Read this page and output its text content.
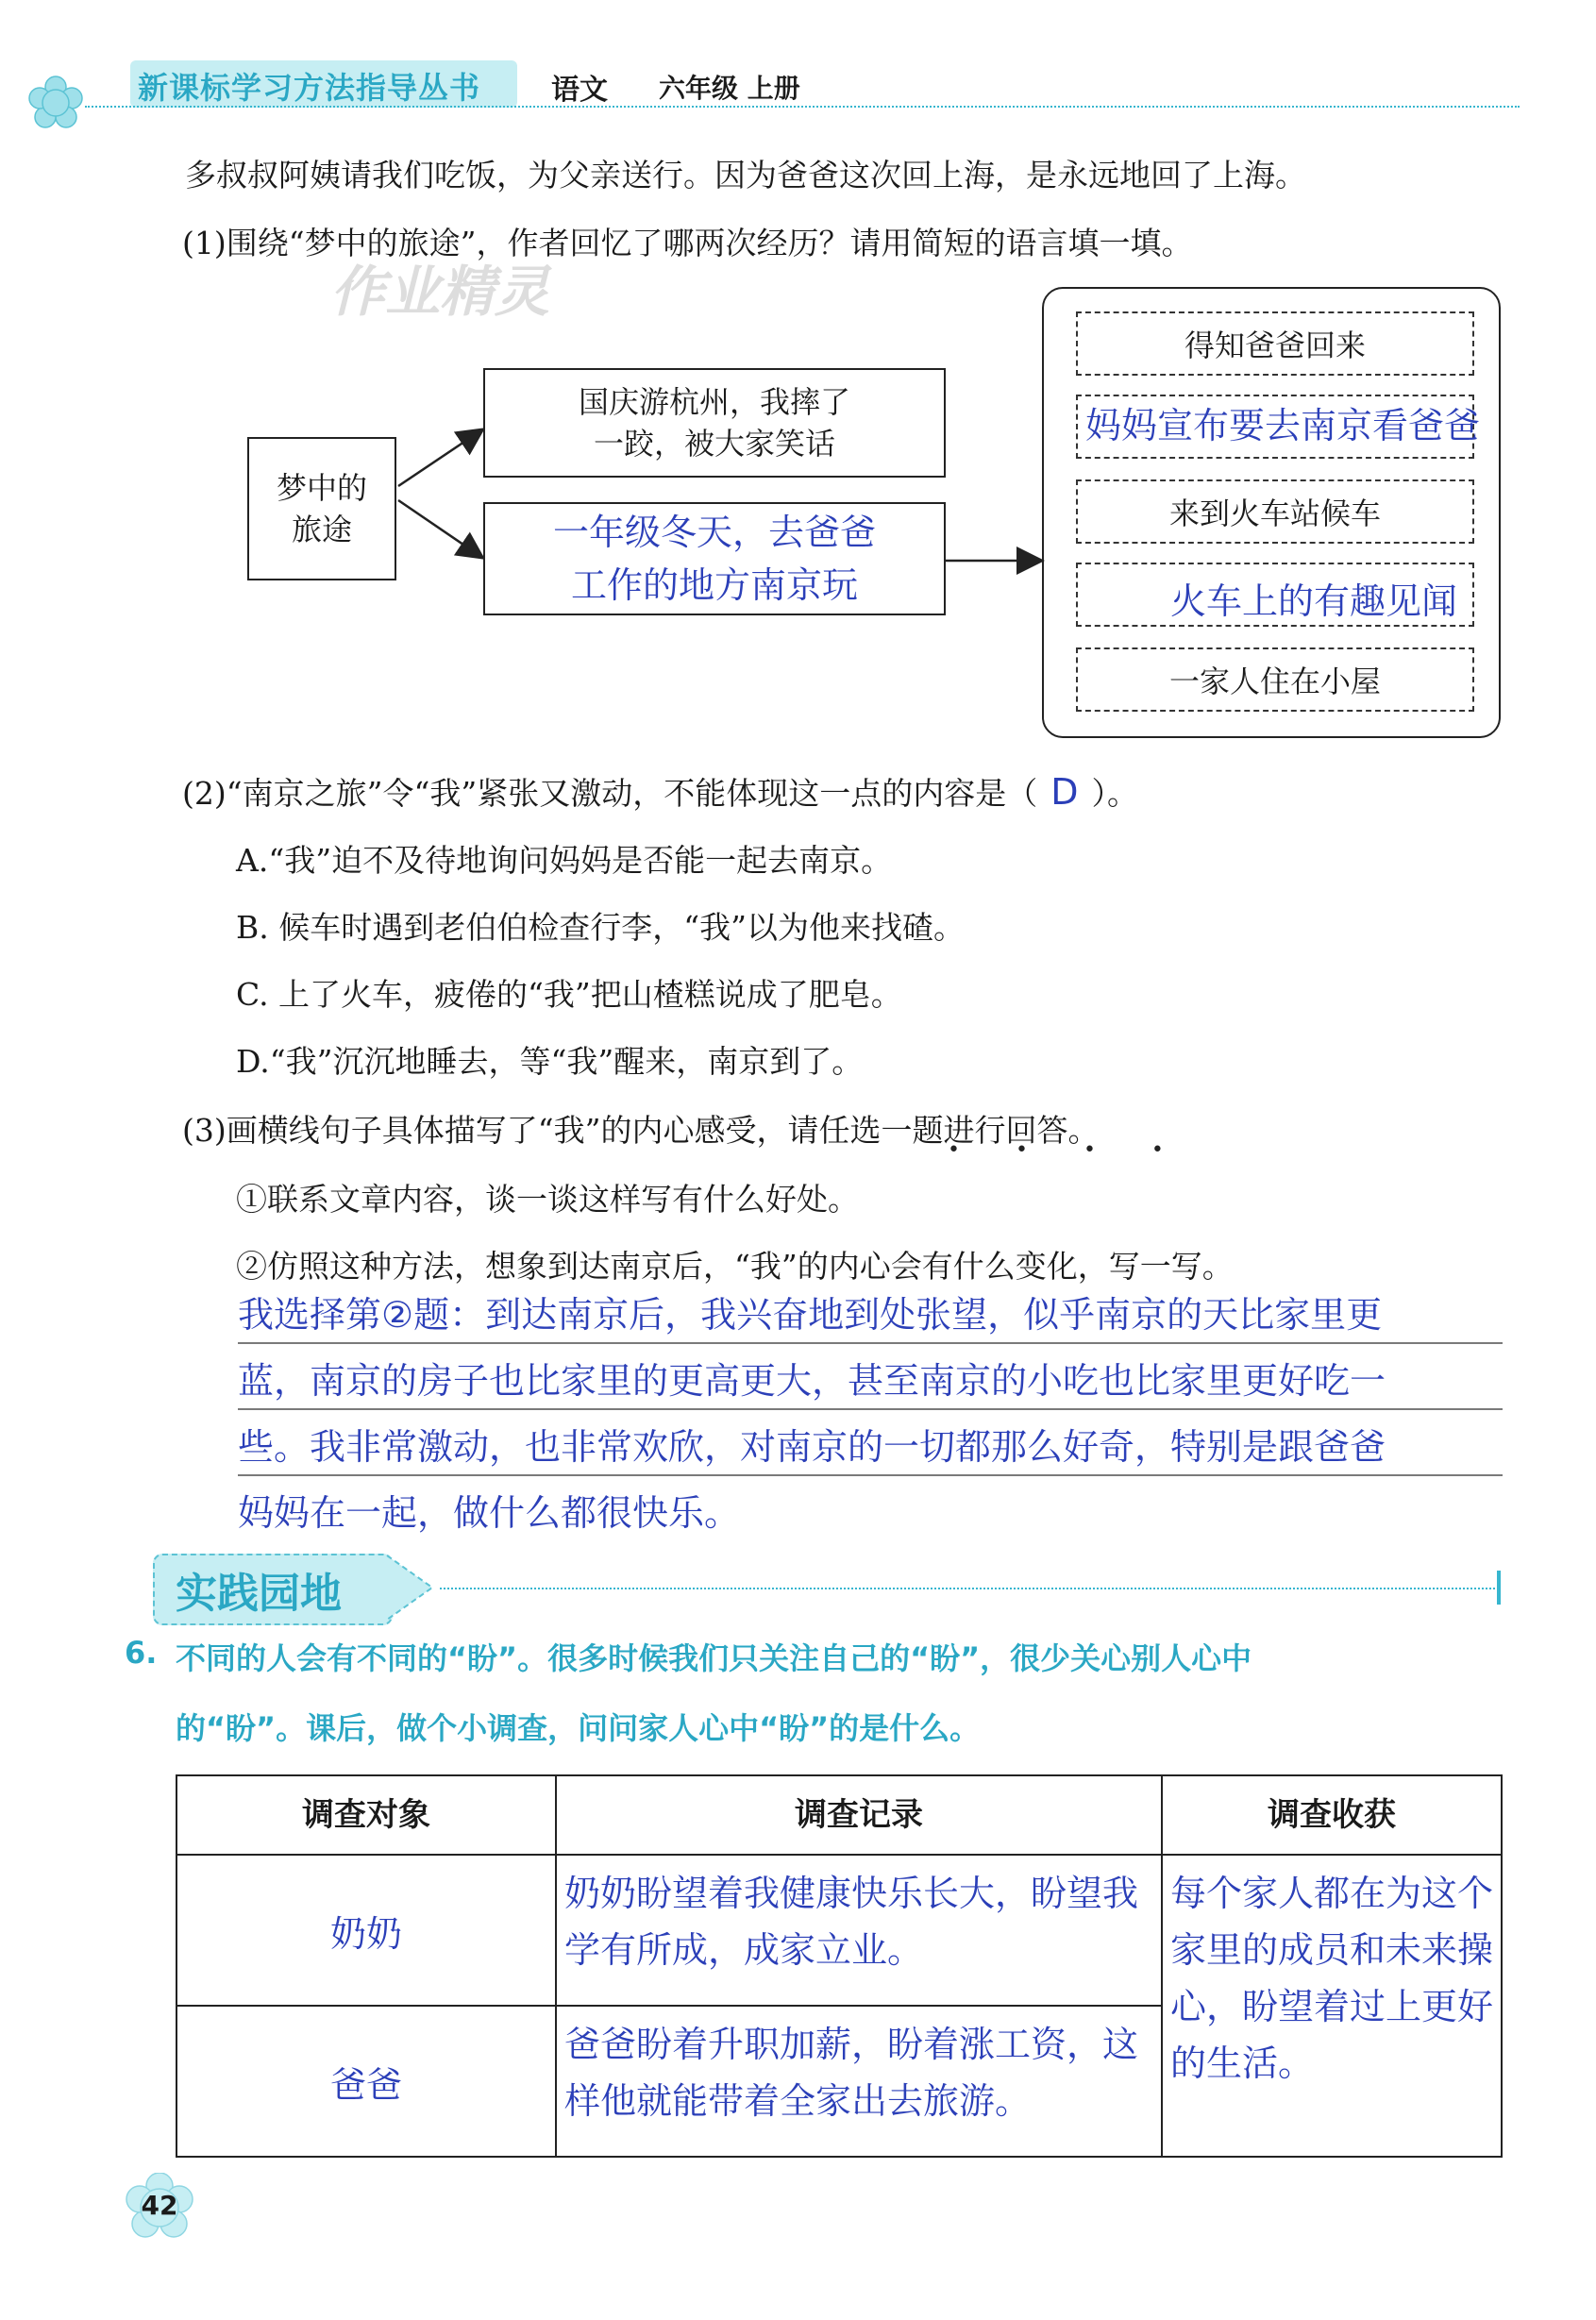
新课标学习方法指导丛书 语文 六年级 上册
多叔叔阿姨请我们吃饭，为父亲送行。因为爸爸这次回上海，是永远地回了上海。
(1)围绕“梦中的旅途”，作者回忆了哪两次经历？请用简短的语言填一填。
作业精灵
梦中的
旅途
国庆游杭州，我摔了
一跤，被大家笑话
一年级冬天，去爸爸
工作的地方南京玩
得知爸爸回来
妈妈宣布要去南京看爸爸
来到火车站候车
火车上的有趣见闻
一家人住在小屋
(2)“南京之旅”令“我”紧张又激动，不能体现这一点的内容是（ D ）。
A.“我”迫不及待地询问妈妈是否能一起去南京。
B. 候车时遇到老伯伯检查行李，“我”以为他来找碴。
C. 上了火车，疲倦的“我”把山楂糕说成了肥皂。
D.“我”沉沉地睡去，等“我”醒来，南京到了。
(3)画横线句子具体描写了“我”的内心感受，请任选一题进行回答。
• • • •
①联系文章内容，谈一谈这样写有什么好处。
②仿照这种方法，想象到达南京后，“我”的内心会有什么变化，写一写。
我选择第②题：到达南京后，我兴奋地到处张望，似乎南京的天比家里更
蓝，南京的房子也比家里的更高更大，甚至南京的小吃也比家里更好吃一
些。我非常激动，也非常欢欣，对南京的一切都那么好奇，特别是跟爸爸
妈妈在一起，做什么都很快乐。
实践园地
6. 不同的人会有不同的“盼”。很多时候我们只关注自己的“盼”，很少关心别人心中
的“盼”。课后，做个小调查，问问家人心中“盼”的是什么。
调查对象	调查记录	调查收获

奶奶	奶奶盼望着我健康快乐长大，盼望我学有所成，成家立业。	每个家人都在为这个家里的成员和未来操心，盼望着过上更好的生活。

爸爸	爸爸盼着升职加薪，盼着涨工资，这样他就能带着全家出去旅游。	
42
